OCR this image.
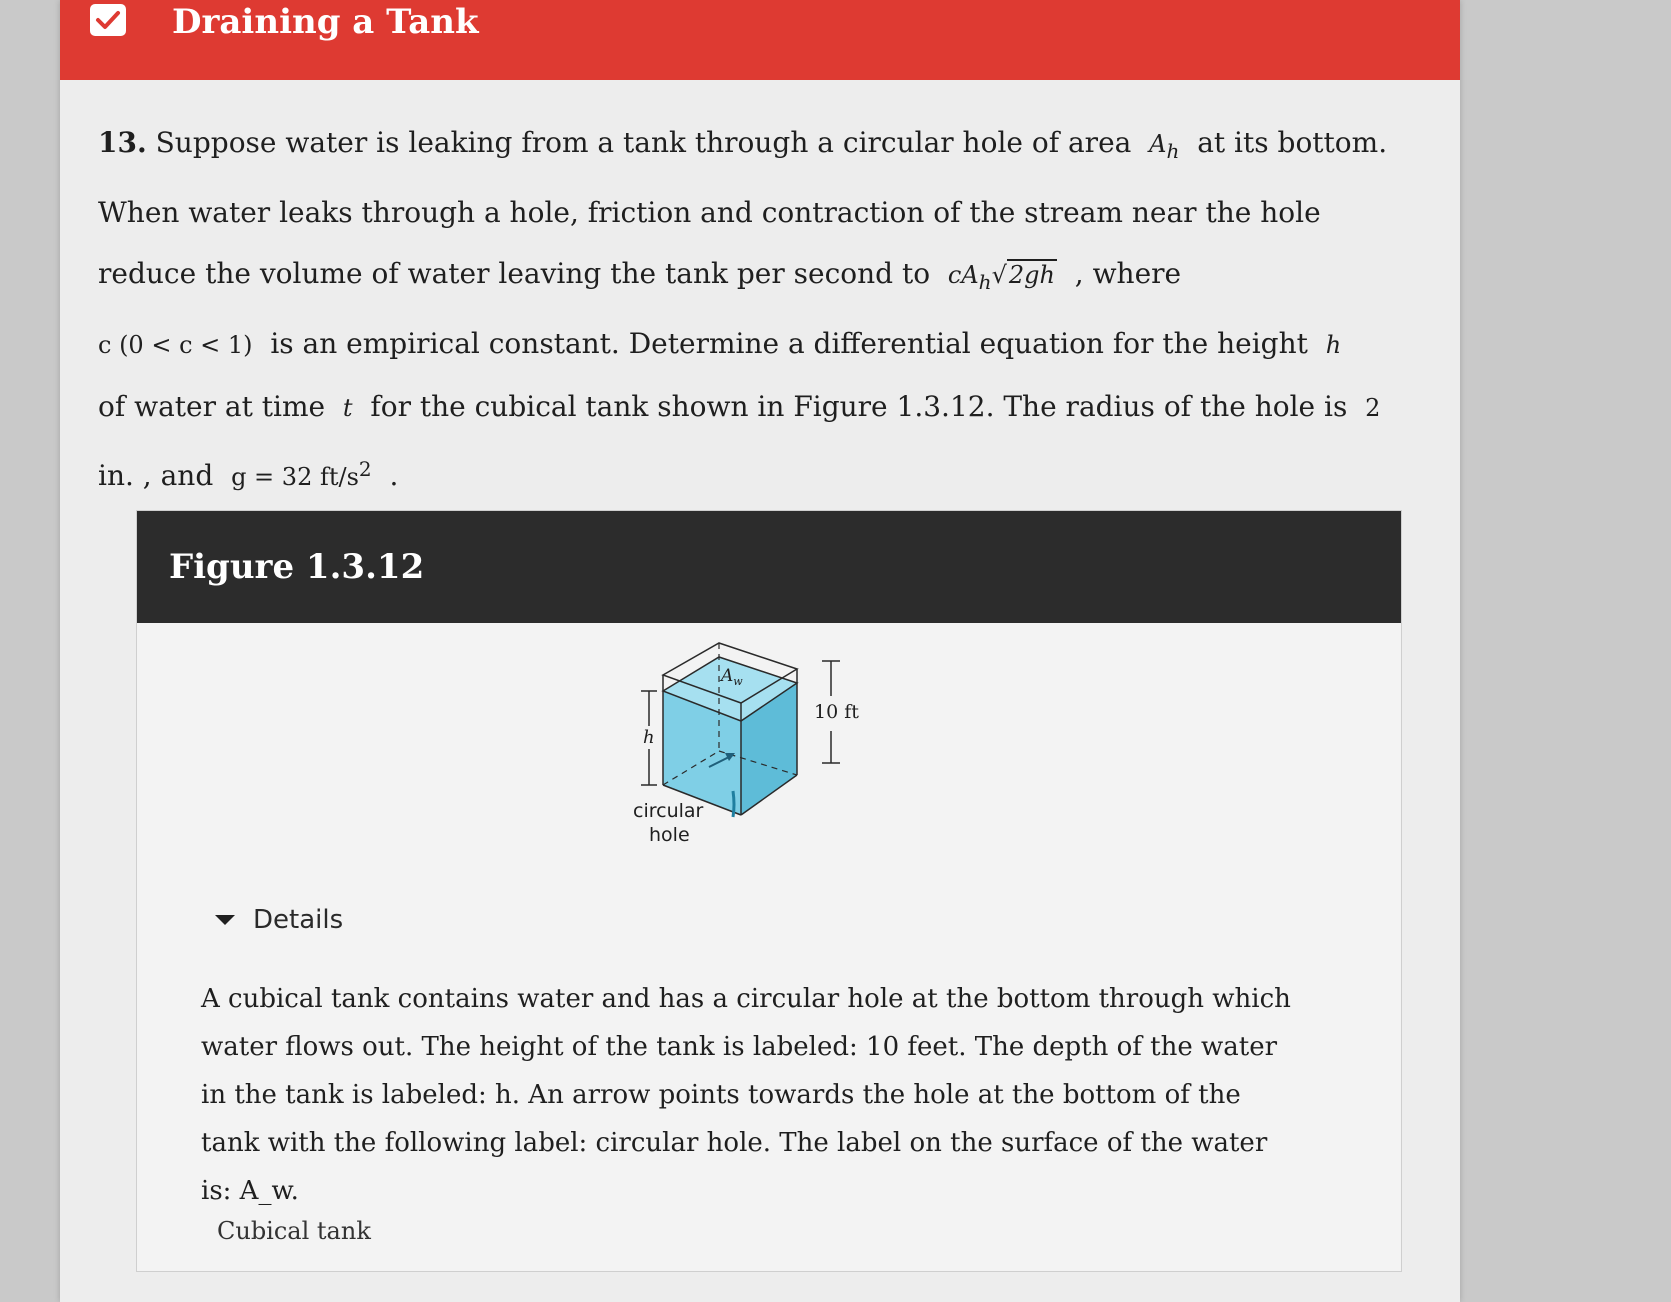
Draining a Tank
13. Suppose water is leaking from a tank through a circular hole of area $A_h$ at its bottom.
When water leaks through a hole, friction and contraction of the stream near the hole
reduce the volume of water leaving the tank per second to $cA_h√2gh$ , where
c (0 < c < 1) is an empirical constant. Determine a differential equation for the height h
of water at time t for the cubical tank shown in Figure 1.3.12. The radius of the hole is 2
in. , and g = 32 $ft/s^2$ .
Figure 1.3.12
$A_w$
10 ft
h
circular
hole
Details
A cubical tank contains water and has a circular hole at the bottom through which water flows out. The height of the tank is labeled: 10 feet. The depth of the water in the tank is labeled: h. An arrow points towards the hole at the bottom of the tank with the following label: circular hole. The label on the surface of the water is: A_w.
Cubical tank
